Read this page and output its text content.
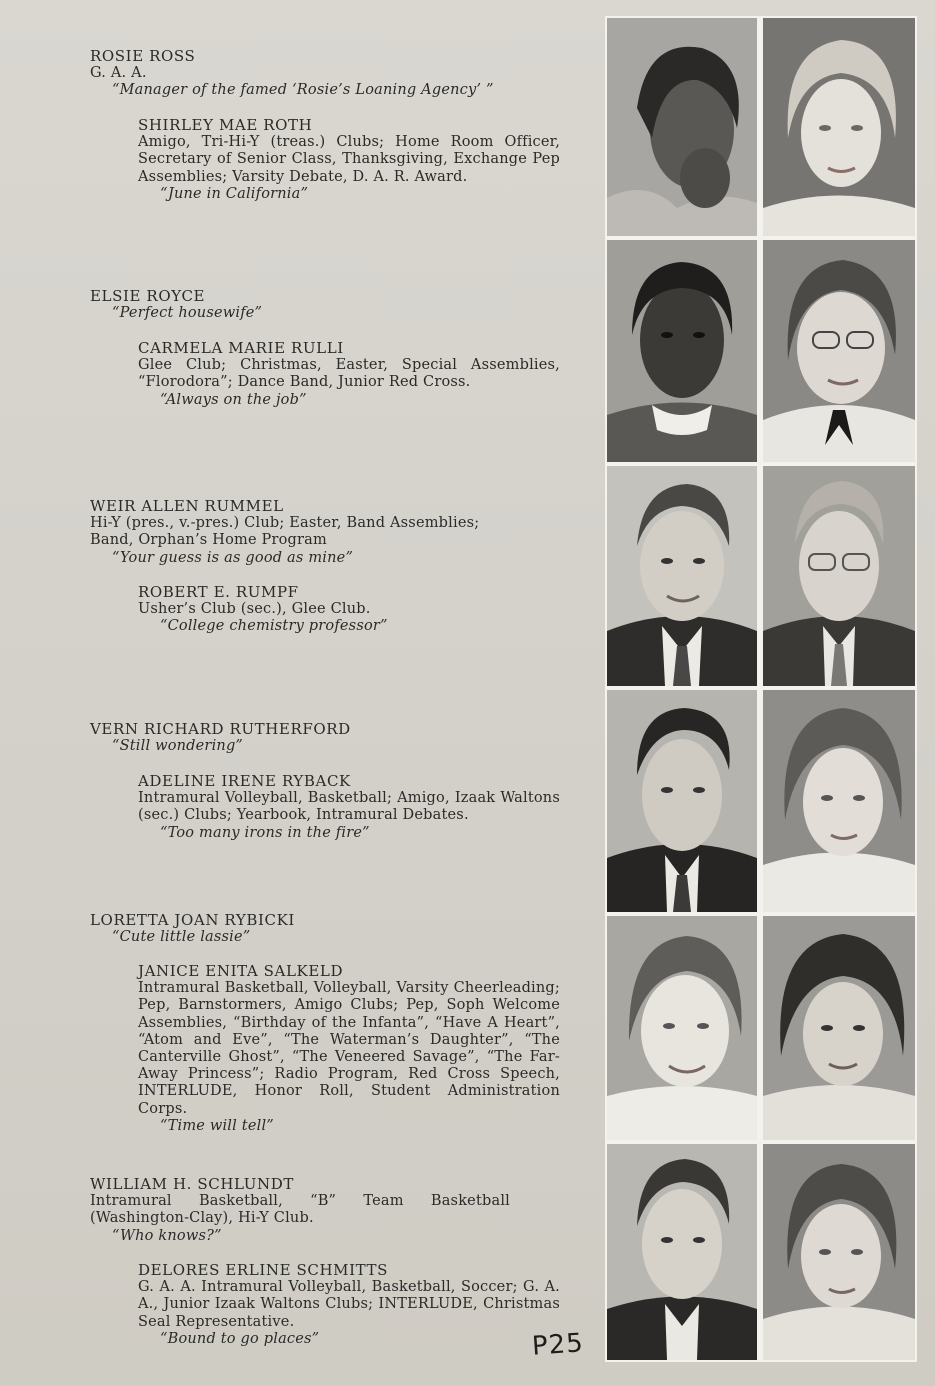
ROSIE ROSS
G. A. A.
“Manager of the famed ‘Rosie’s Loaning Agency’ ”
SHIRLEY MAE ROTH
Amigo, Tri-Hi-Y (treas.) Clubs; Home Room Officer, Secretary of Senior Class, Thanksgiving, Exchange Pep Assemblies; Varsity Debate, D. A. R. Award.
“June in California”
ELSIE ROYCE
“Perfect housewife”
CARMELA MARIE RULLI
Glee Club; Christmas, Easter, Special Assemblies, “Florodora”; Dance Band, Junior Red Cross.
“Always on the job”
WEIR ALLEN RUMMEL
Hi-Y (pres., v.-pres.) Club; Easter, Band Assemblies; Band, Orphan’s Home Program
“Your guess is as good as mine”
ROBERT E. RUMPF
Usher’s Club (sec.), Glee Club.
“College chemistry professor”
VERN RICHARD RUTHERFORD
“Still wondering”
ADELINE IRENE RYBACK
Intramural Volleyball, Basketball; Amigo, Izaak Waltons (sec.) Clubs; Yearbook, Intramural Debates.
“Too many irons in the fire”
LORETTA JOAN RYBICKI
“Cute little lassie”
JANICE ENITA SALKELD
Intramural Basketball, Volleyball, Varsity Cheerleading; Pep, Barnstormers, Amigo Clubs; Pep, Soph Welcome Assemblies, “Birthday of the Infanta”, “Have A Heart”, “Atom and Eve”, “The Waterman’s Daughter”, “The Canterville Ghost”, “The Veneered Savage”, “The Far-Away Princess”; Radio Program, Red Cross Speech, INTERLUDE, Honor Roll, Student Administration Corps.
“Time will tell”
WILLIAM H. SCHLUNDT
Intramural Basketball, “B” Team Basketball (Washington-Clay), Hi-Y Club.
“Who knows?”
DELORES ERLINE SCHMITTS
G. A. A. Intramural Volleyball, Basketball, Soccer; G. A. A., Junior Izaak Waltons Clubs; INTERLUDE, Christmas Seal Representative.
“Bound to go places”	P25
